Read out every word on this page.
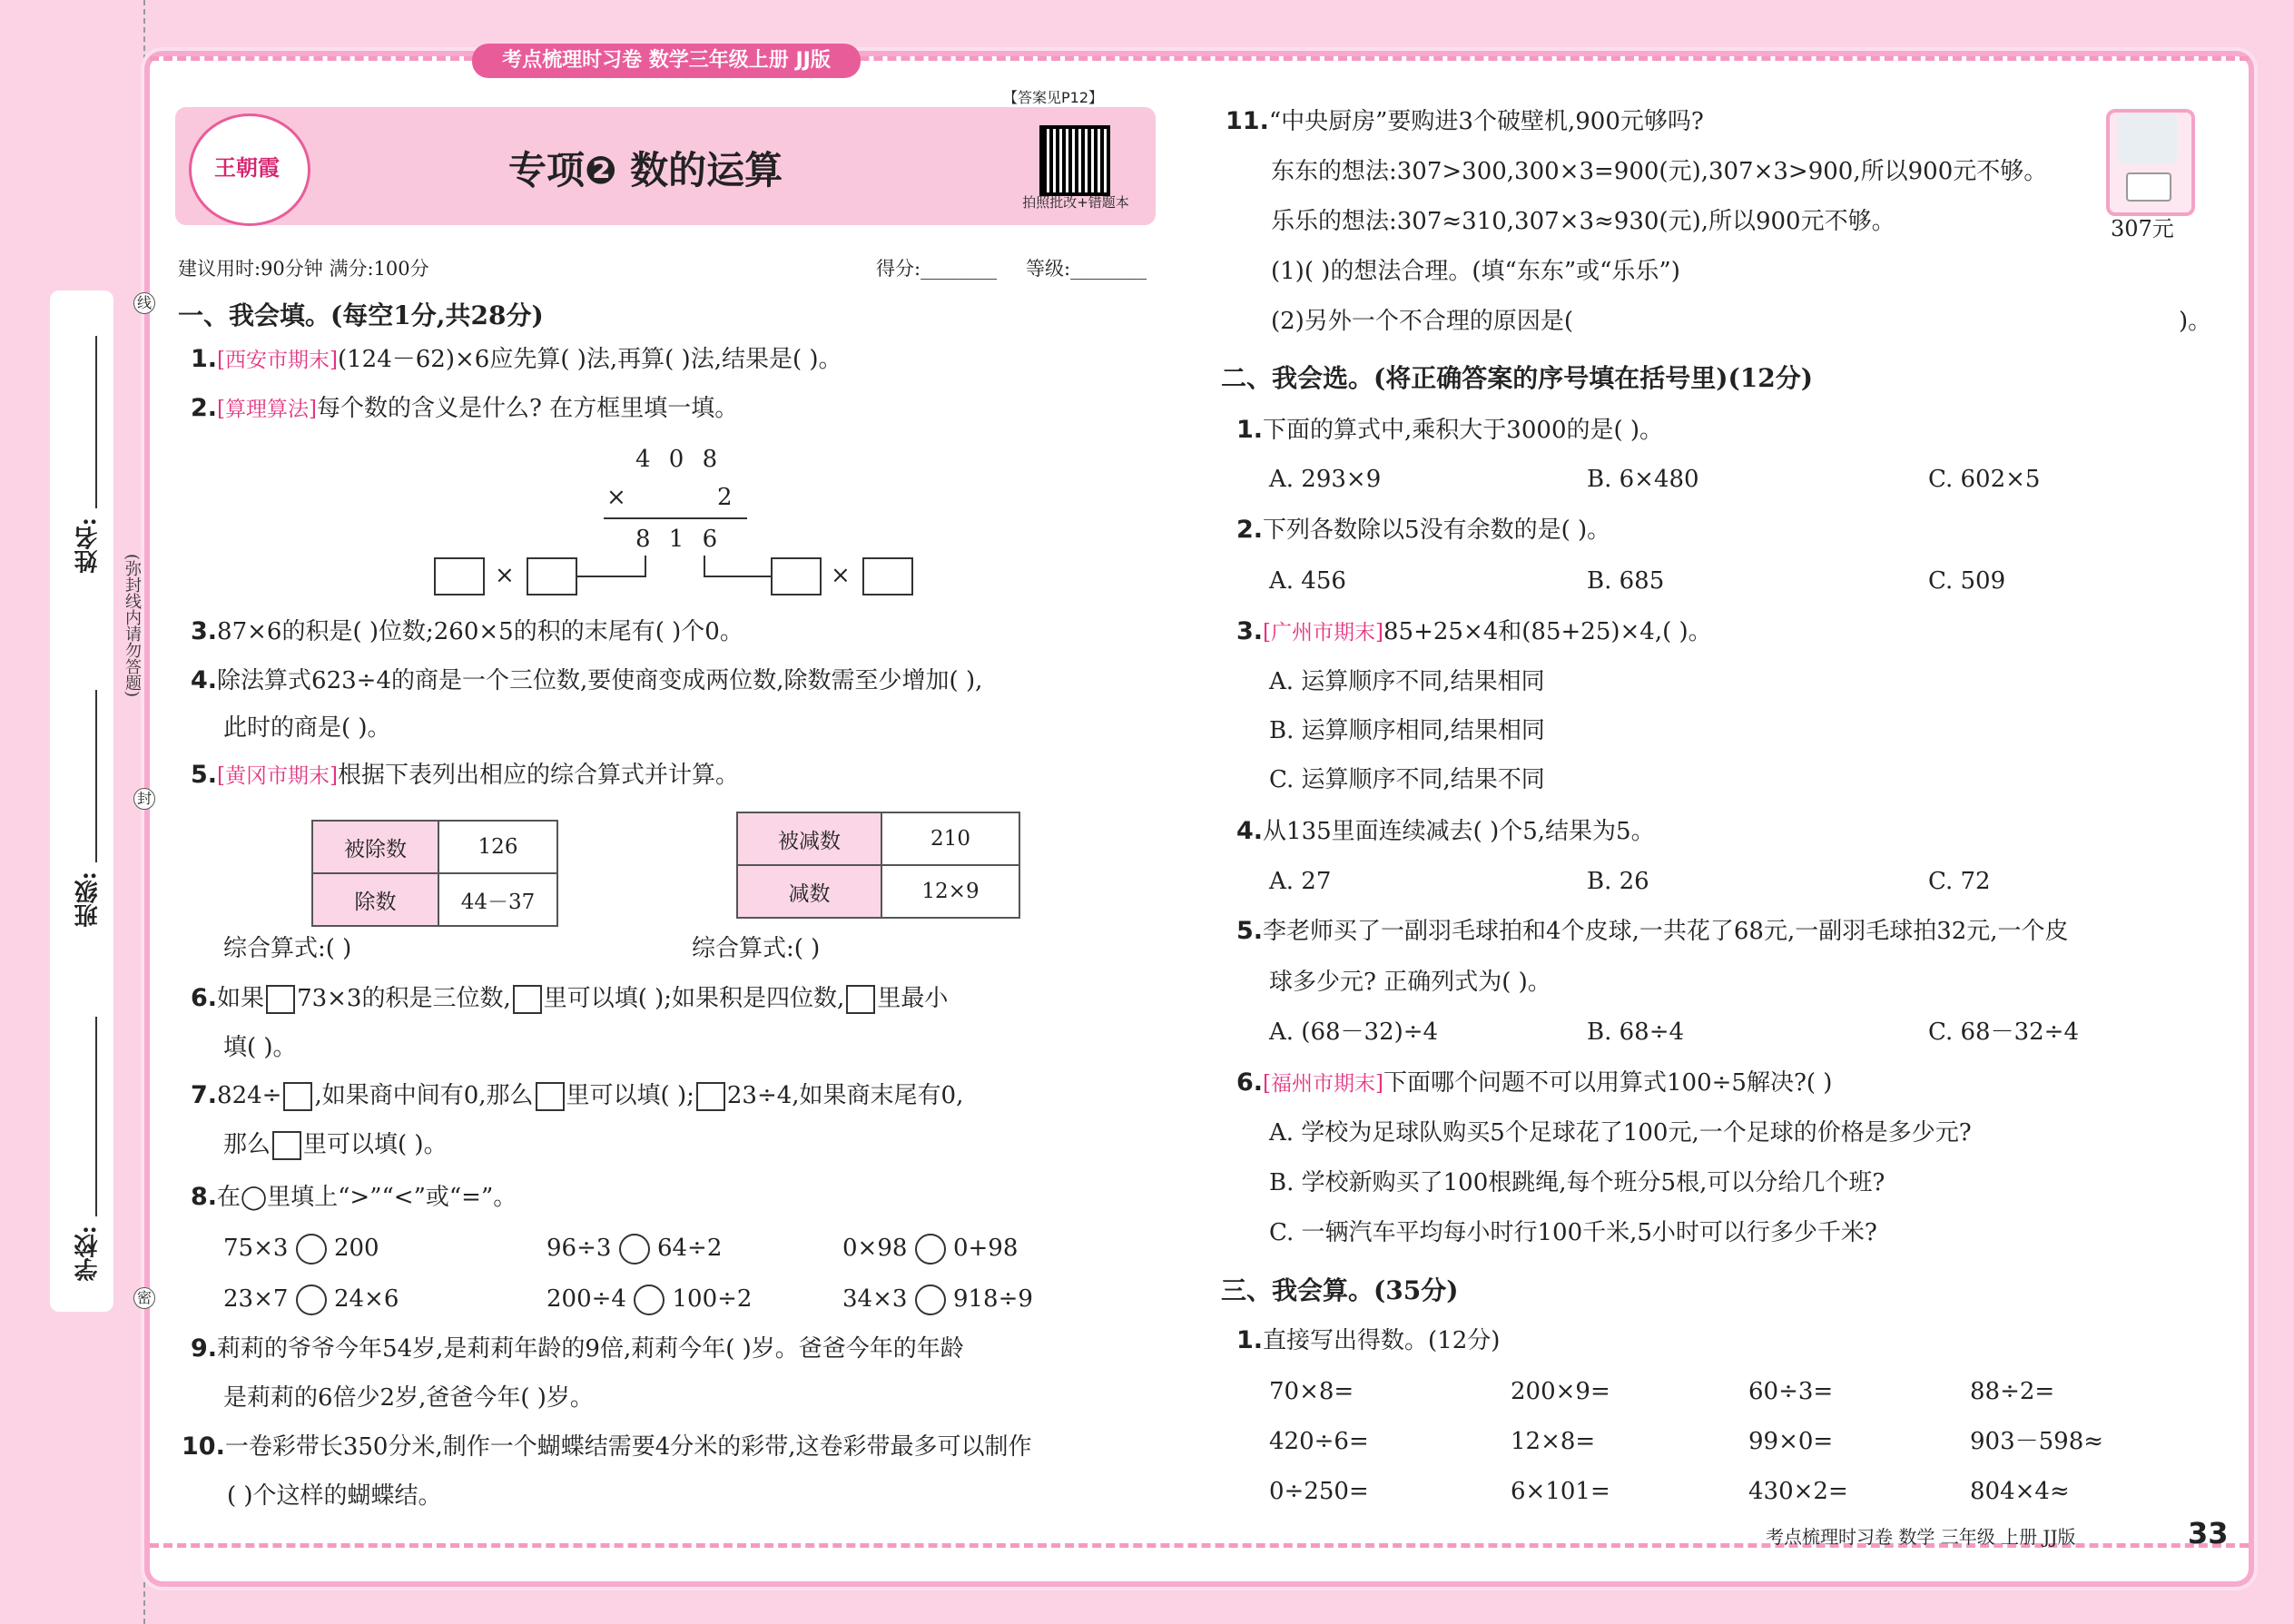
姓名:
班级:
学校:
(弥封线内请勿答题)
线
封
密
考点梳理时习卷 数学三年级上册 JJ版
【答案见P12】
王朝霞	专项❷ 数的运算
拍照批改+错题本
建议用时:90分钟 满分:100分	得分:________ 等级:________
一、我会填。(每空1分,共28分)
1.[西安市期末](124－62)×6应先算( )法,再算( )法,结果是( )。
2.[算理算法]每个数的含义是什么? 在方框里填一填。
4 0 8
×	2
8 1 6
×	×
3.87×6的积是( )位数;260×5的积的末尾有( )个0。
4.除法算式623÷4的商是一个三位数,要使商变成两位数,除数需至少增加( ),
此时的商是( )。
5.[黄冈市期末]根据下表列出相应的综合算式并计算。
被除数	126
除数	44－37
被减数	210
减数	12×9
综合算式:( )	综合算式:( )
6.如果 73×3的积是三位数, 里可以填( );如果积是四位数, 里最小
填( )。
7.824÷ ,如果商中间有0,那么 里可以填( ); 23÷4,如果商末尾有0,
那么 里可以填( )。
8.在◯里填上“>”“<”或“=”。
75×3 200	96÷3 64÷2	0×98 0+98
23×7 24×6	200÷4 100÷2	34×3 918÷9
9.莉莉的爷爷今年54岁,是莉莉年龄的9倍,莉莉今年( )岁。爸爸今年的年龄
是莉莉的6倍少2岁,爸爸今年( )岁。
10.一卷彩带长350分米,制作一个蝴蝶结需要4分米的彩带,这卷彩带最多可以制作
( )个这样的蝴蝶结。
11.“中央厨房”要购进3个破壁机,900元够吗?
东东的想法:307>300,300×3=900(元),307×3>900,所以900元不够。
乐乐的想法:307≈310,307×3≈930(元),所以900元不够。
(1)( )的想法合理。(填“东东”或“乐乐”)
(2)另外一个不合理的原因是(	)。
307元
二、我会选。(将正确答案的序号填在括号里)(12分)
1.下面的算式中,乘积大于3000的是( )。
A. 293×9	B. 6×480	C. 602×5
2.下列各数除以5没有余数的是( )。
A. 456	B. 685	C. 509
3.[广州市期末]85+25×4和(85+25)×4,( )。
A. 运算顺序不同,结果相同
B. 运算顺序相同,结果相同
C. 运算顺序不同,结果不同
4.从135里面连续减去( )个5,结果为5。
A. 27	B. 26	C. 72
5.李老师买了一副羽毛球拍和4个皮球,一共花了68元,一副羽毛球拍32元,一个皮
球多少元? 正确列式为( )。
A. (68－32)÷4	B. 68÷4	C. 68－32÷4
6.[福州市期末]下面哪个问题不可以用算式100÷5解决?( )
A. 学校为足球队购买5个足球花了100元,一个足球的价格是多少元?
B. 学校新购买了100根跳绳,每个班分5根,可以分给几个班?
C. 一辆汽车平均每小时行100千米,5小时可以行多少千米?
三、我会算。(35分)
1.直接写出得数。(12分)
70×8=	200×9=	60÷3=	88÷2=
420÷6=	12×8=	99×0=	903－598≈
0÷250=	6×101=	430×2=	804×4≈
考点梳理时习卷 数学 三年级 上册 JJ版	33
